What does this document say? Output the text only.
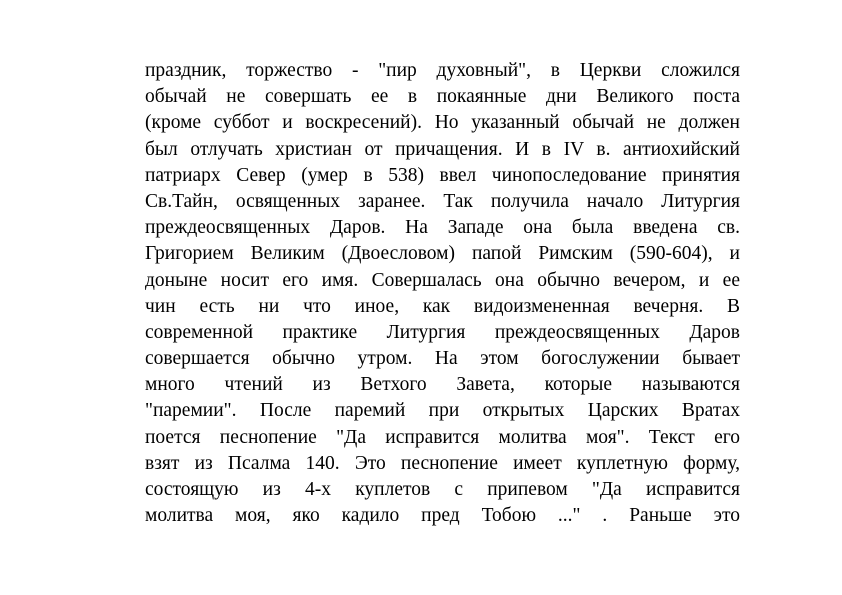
праздник, торжество - "пир духовный", в Церкви сложился
обычай не совершать ее в покаянные дни Великого поста
(кроме суббот и воскресений). Но указанный обычай не должен
был отлучать христиан от причащения. И в IV в. антиохийский
патриарх Север (умер в 538) ввел чинопоследование принятия
Св.Тайн, освященных заранее. Так получила начало Литургия
преждеосвященных Даров. На Западе она была введена св.
Григорием Великим (Двоесловом) папой Римским (590-604), и
доныне носит его имя. Совершалась она обычно вечером, и ее
чин есть ни что иное, как видоизмененная вечерня. В
современной практике Литургия преждеосвященных Даров
совершается обычно утром. На этом богослужении бывает
много чтений из Ветхого Завета, которые называются
"паремии". После паремий при открытых Царских Вратах
поется песнопение "Да исправится молитва моя". Текст его
взят из Псалма 140. Это песнопение имеет куплетную форму,
состоящую из 4-х куплетов с припевом "Да исправится
молитва моя, яко кадило пред Тобою ..." . Раньше это
